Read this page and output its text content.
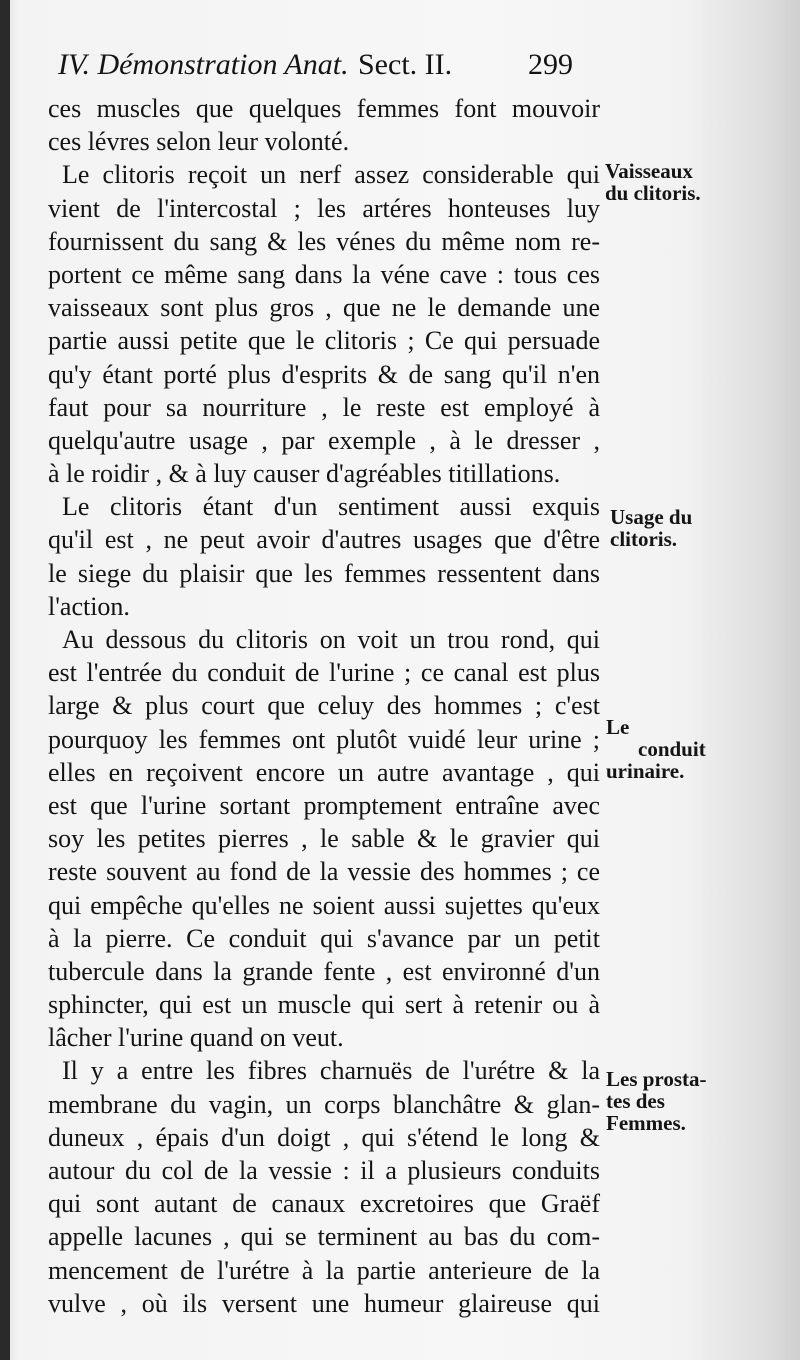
IV. Démonstration Anat. Sect. II.	299
ces muscles que quelques femmes font mouvoir
ces lévres selon leur volonté.
Le clitoris reçoit un nerf assez considerable qui
vient de l'intercostal ; les artéres honteuses luy
fournissent du sang & les vénes du même nom re-
portent ce même sang dans la véne cave : tous ces
vaisseaux sont plus gros , que ne le demande une
partie aussi petite que le clitoris ; Ce qui persuade
qu'y étant porté plus d'esprits & de sang qu'il n'en
faut pour sa nourriture , le reste est employé à
quelqu'autre usage , par exemple , à le dresser ,
à le roidir , & à luy causer d'agréables titillations.
Le clitoris étant d'un sentiment aussi exquis
qu'il est , ne peut avoir d'autres usages que d'être
le siege du plaisir que les femmes ressentent dans
l'action.
Au dessous du clitoris on voit un trou rond, qui
est l'entrée du conduit de l'urine ; ce canal est plus
large & plus court que celuy des hommes ; c'est
pourquoy les femmes ont plutôt vuidé leur urine ;
elles en reçoivent encore un autre avantage , qui
est que l'urine sortant promptement entraîne avec
soy les petites pierres , le sable & le gravier qui
reste souvent au fond de la vessie des hommes ; ce
qui empêche qu'elles ne soient aussi sujettes qu'eux
à la pierre. Ce conduit qui s'avance par un petit
tubercule dans la grande fente , est environné d'un
sphincter, qui est un muscle qui sert à retenir ou à
lâcher l'urine quand on veut.
Il y a entre les fibres charnuës de l'urétre & la
membrane du vagin, un corps blanchâtre & glan-
duneux , épais d'un doigt , qui s'étend le long &
autour du col de la vessie : il a plusieurs conduits
qui sont autant de canaux excretoires que Graëf
appelle lacunes , qui se terminent au bas du com-
mencement de l'urétre à la partie anterieure de la
vulve , où ils versent une humeur glaireuse qui
Vaisseaux
du clitoris.
Usage du
clitoris.
Le
conduit
urinaire.
Les prosta-
tes des
Femmes.
